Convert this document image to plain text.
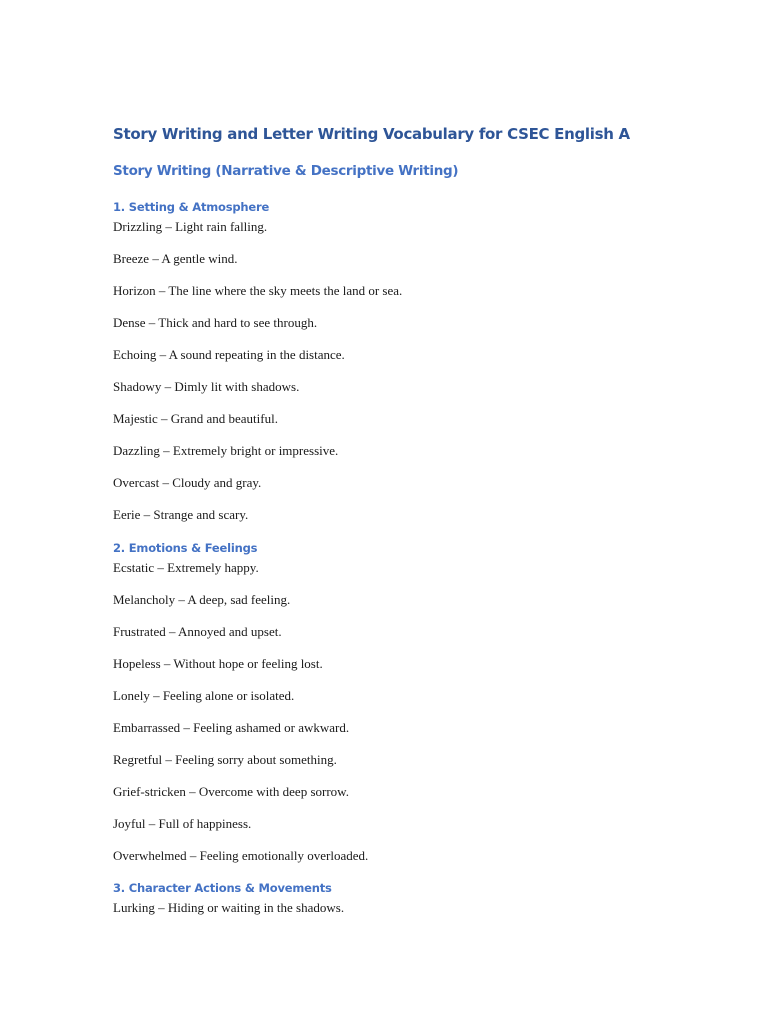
Story Writing and Letter Writing Vocabulary for CSEC English A
Story Writing (Narrative & Descriptive Writing)
1. Setting & Atmosphere
Drizzling – Light rain falling.
Breeze – A gentle wind.
Horizon – The line where the sky meets the land or sea.
Dense – Thick and hard to see through.
Echoing – A sound repeating in the distance.
Shadowy – Dimly lit with shadows.
Majestic – Grand and beautiful.
Dazzling – Extremely bright or impressive.
Overcast – Cloudy and gray.
Eerie – Strange and scary.
2. Emotions & Feelings
Ecstatic – Extremely happy.
Melancholy – A deep, sad feeling.
Frustrated – Annoyed and upset.
Hopeless – Without hope or feeling lost.
Lonely – Feeling alone or isolated.
Embarrassed – Feeling ashamed or awkward.
Regretful – Feeling sorry about something.
Grief-stricken – Overcome with deep sorrow.
Joyful – Full of happiness.
Overwhelmed – Feeling emotionally overloaded.
3. Character Actions & Movements
Lurking – Hiding or waiting in the shadows.
